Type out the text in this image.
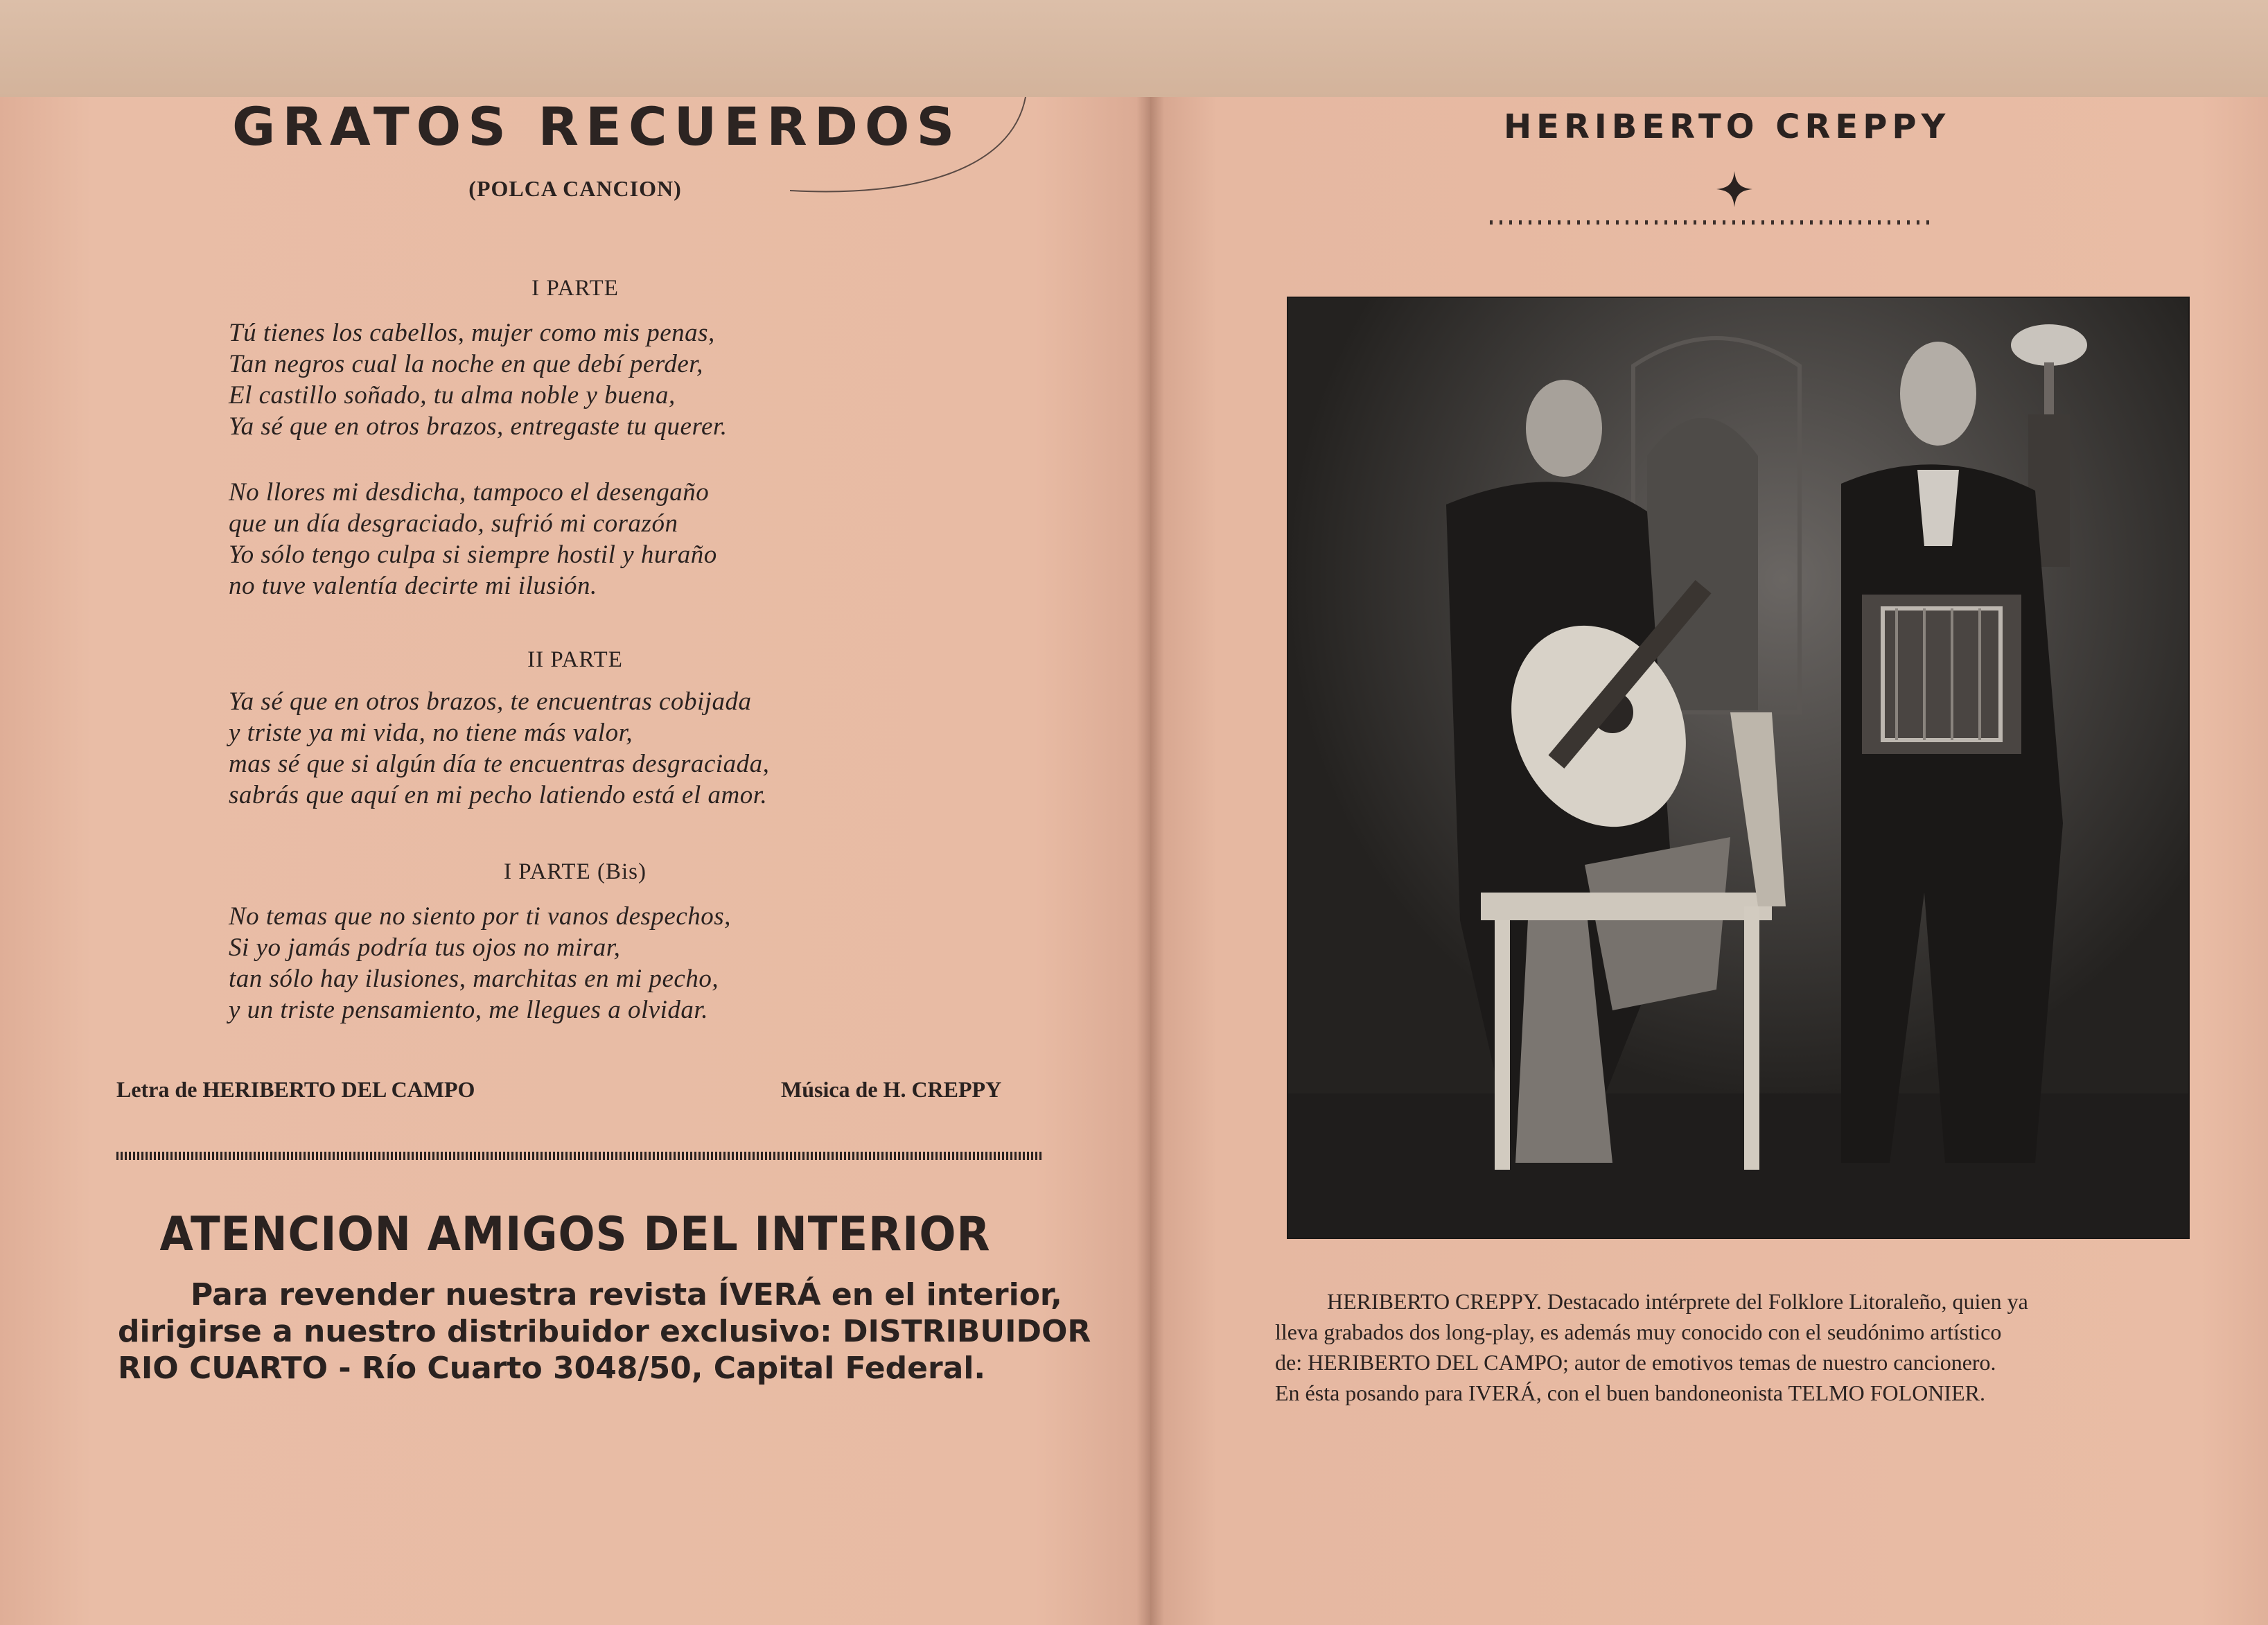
GRATOS RECUERDOS
(POLCA CANCION)
I PARTE
Tú tienes los cabellos, mujer como mis penas,
Tan negros cual la noche en que debí perder,
El castillo soñado, tu alma noble y buena,
Ya sé que en otros brazos, entregaste tu querer.
No llores mi desdicha, tampoco el desengaño
que un día desgraciado, sufrió mi corazón
Yo sólo tengo culpa si siempre hostil y huraño
no tuve valentía decirte mi ilusión.
II PARTE
Ya sé que en otros brazos, te encuentras cobijada
y triste ya mi vida, no tiene más valor,
mas sé que si algún día te encuentras desgraciada,
sabrás que aquí en mi pecho latiendo está el amor.
I PARTE (Bis)
No temas que no siento por ti vanos despechos,
Si yo jamás podría tus ojos no mirar,
tan sólo hay ilusiones, marchitas en mi pecho,
y un triste pensamiento, me llegues a olvidar.
Letra de HERIBERTO DEL CAMPO	Música de H. CREPPY
ATENCION AMIGOS DEL INTERIOR
Para revender nuestra revista ÍVERÁ en el interior,
dirigirse a nuestro distribuidor exclusivo: DISTRIBUIDOR
RIO CUARTO - Río Cuarto 3048/50, Capital Federal.
HERIBERTO CREPPY
HERIBERTO CREPPY. Destacado intérprete del Folklore Litoraleño, quien ya
lleva grabados dos long-play, es además muy conocido con el seudónimo artístico
de: HERIBERTO DEL CAMPO; autor de emotivos temas de nuestro cancionero.
En ésta posando para IVERÁ, con el buen bandoneonista TELMO FOLONIER.
